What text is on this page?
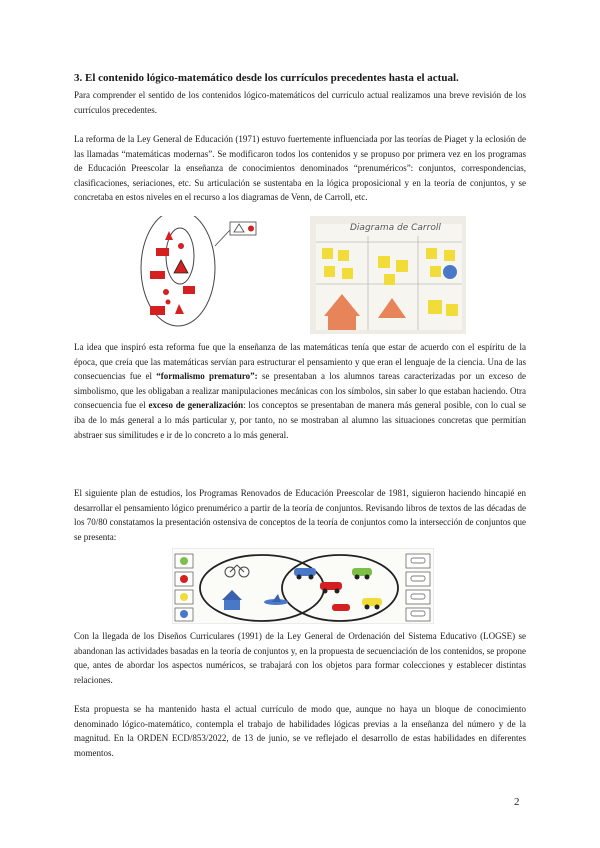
3. El contenido lógico-matemático desde los currículos precedentes hasta el actual.

Para comprender el sentido de los contenidos lógico-matemáticos del currículo actual realizamos una breve revisión de los currículos precedentes.

La reforma de la Ley General de Educación (1971) estuvo fuertemente influenciada por las teorías de Piaget y la eclosión de las llamadas “matemáticas modernas”. Se modificaron todos los contenidos y se propuso por primera vez en los programas de Educación Preescolar la enseñanza de conocimientos denominados “prenuméricos”: conjuntos, correspondencias, clasificaciones, seriaciones, etc. Su articulación se sustentaba en la lógica proposicional y en la teoría de conjuntos, y se concretaba en estos niveles en el recurso a los diagramas de Venn, de Carroll, etc.

Diagrama de Carroll

La idea que inspiró esta reforma fue que la enseñanza de las matemáticas tenía que estar de acuerdo con el espíritu de la época, que creía que las matemáticas servían para estructurar el pensamiento y que eran el lenguaje de la ciencia. Una de las consecuencias fue el “formalismo prematuro”: se presentaban a los alumnos tareas caracterizadas por un exceso de simbolismo, que les obligaban a realizar manipulaciones mecánicas con los símbolos, sin saber lo que estaban haciendo. Otra consecuencia fue el exceso de generalización: los conceptos se presentaban de manera más general posible, con lo cual se iba de lo más general a lo más particular y, por tanto, no se mostraban al alumno las situaciones concretas que permitían abstraer sus similitudes e ir de lo concreto a lo más general.

El siguiente plan de estudios, los Programas Renovados de Educación Preescolar de 1981, siguieron haciendo hincapié en desarrollar el pensamiento lógico prenumérico a partir de la teoría de conjuntos. Revisando libros de textos de las décadas de los 70/80 constatamos la presentación ostensiva de conceptos de la teoría de conjuntos como la intersección de conjuntos que se presenta:

Con la llegada de los Diseños Curriculares (1991) de la Ley General de Ordenación del Sistema Educativo (LOGSE) se abandonan las actividades basadas en la teoría de conjuntos y, en la propuesta de secuenciación de los contenidos, se propone que, antes de abordar los aspectos numéricos, se trabajará con los objetos para formar colecciones y establecer distintas relaciones.

Esta propuesta se ha mantenido hasta el actual currículo de modo que, aunque no haya un bloque de conocimiento denominado lógico-matemático, contempla el trabajo de habilidades lógicas previas a la enseñanza del número y de la magnitud. En la ORDEN ECD/853/2022, de 13 de junio, se ve reflejado el desarrollo de estas habilidades en diferentes momentos.

2
